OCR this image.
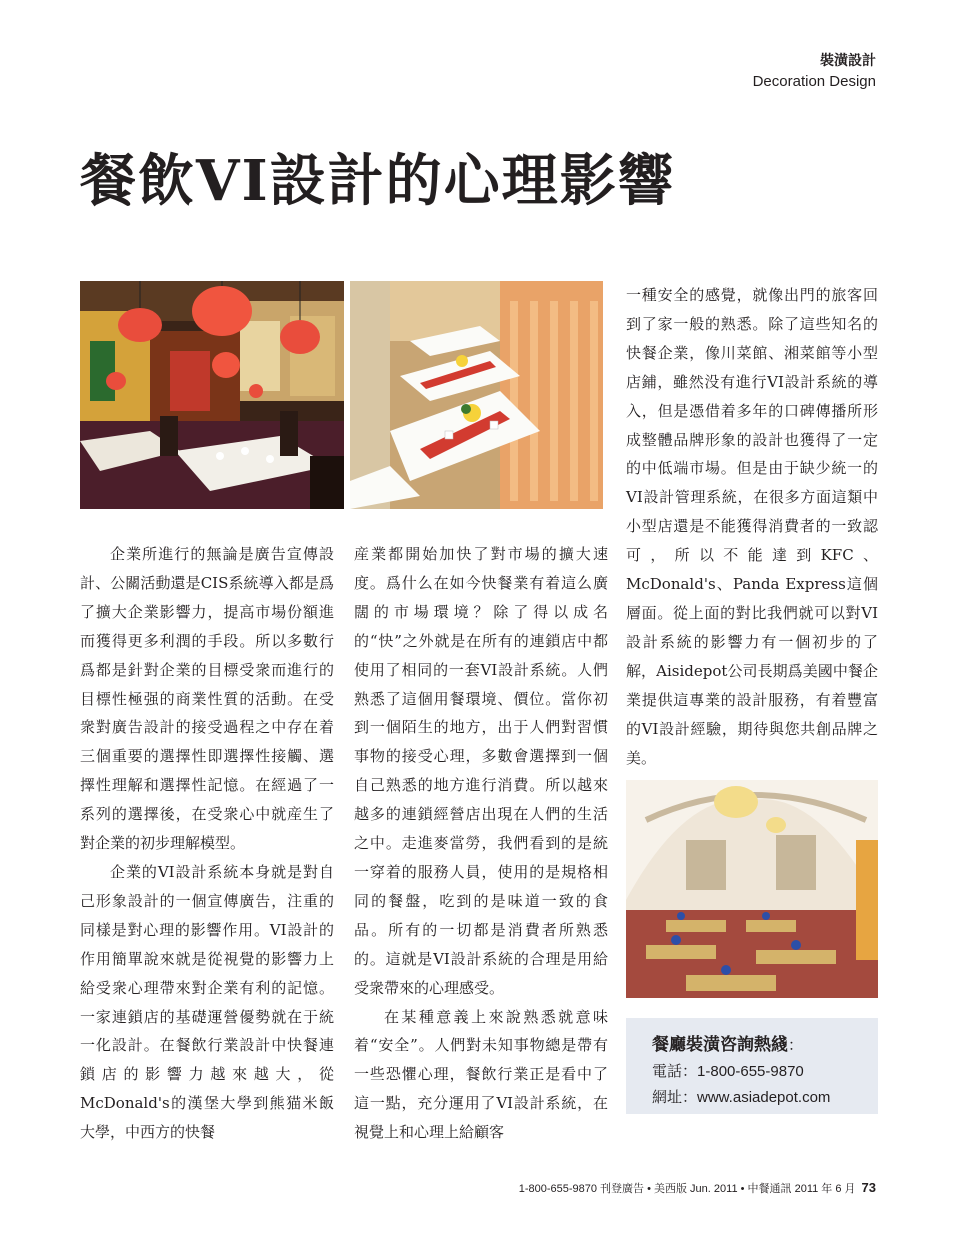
裝潢設計
Decoration Design
餐飲VI設計的心理影響

企業所進行的無論是廣告宣傳設計、公關活動還是CIS系統導入都是爲了擴大企業影響力，提高市場份額進而獲得更多利潤的手段。所以多數行爲都是針對企業的目標受衆而進行的目標性極强的商業性質的活動。在受衆對廣告設計的接受過程之中存在着三個重要的選擇性即選擇性接觸、選擇性理解和選擇性記憶。在經過了一系列的選擇後，在受衆心中就産生了對企業的初步理解模型。

企業的VI設計系統本身就是對自己形象設計的一個宣傳廣告，注重的同樣是對心理的影響作用。VI設計的作用簡單說來就是從視覺的影響力上給受衆心理帶來對企業有利的記憶。一家連鎖店的基礎運營優勢就在于統一化設計。在餐飲行業設計中快餐連鎖店的影響力越來越大，從McDonald's的漢堡大學到熊猫米飯大學，中西方的快餐

産業都開始加快了對市場的擴大速度。爲什么在如今快餐業有着這么廣闊的市場環境？除了得以成名的“快”之外就是在所有的連鎖店中都使用了相同的一套VI設計系統。人們熟悉了這個用餐環境、價位。當你初到一個陌生的地方，出于人們對習慣事物的接受心理，多數會選擇到一個自己熟悉的地方進行消費。所以越來越多的連鎖經營店出現在人們的生活之中。走進麥當勞，我們看到的是統一穿着的服務人員，使用的是規格相同的餐盤，吃到的是味道一致的食品。所有的一切都是消費者所熟悉的。這就是VI設計系統的合理是用給受衆帶來的心理感受。

在某種意義上來說熟悉就意味着“安全”。人們對未知事物總是帶有一些恐懼心理，餐飲行業正是看中了這一點，充分運用了VI設計系統，在視覺上和心理上給顧客

一種安全的感覺，就像出門的旅客回到了家一般的熟悉。除了這些知名的快餐企業，像川菜館、湘菜館等小型店鋪，雖然没有進行VI設計系統的導入，但是憑借着多年的口碑傳播所形成整體品牌形象的設計也獲得了一定的中低端市場。但是由于缺少統一的VI設計管理系統，在很多方面這類中小型店還是不能獲得消費者的一致認可，所以不能達到KFC、McDonald's、Panda Express這個層面。從上面的對比我們就可以對VI設計系統的影響力有一個初步的了解，Aisidepot公司長期爲美國中餐企業提供這專業的設計服務，有着豐富的VI設計經驗，期待與您共創品牌之美。

餐廳裝潢咨詢熱綫：
電話：1-800-655-9870
網址：www.asiadepot.com
1-800-655-9870 刊登廣告 • 美西版 Jun. 2011 • 中餐通訊 2011 年 6 月 73
